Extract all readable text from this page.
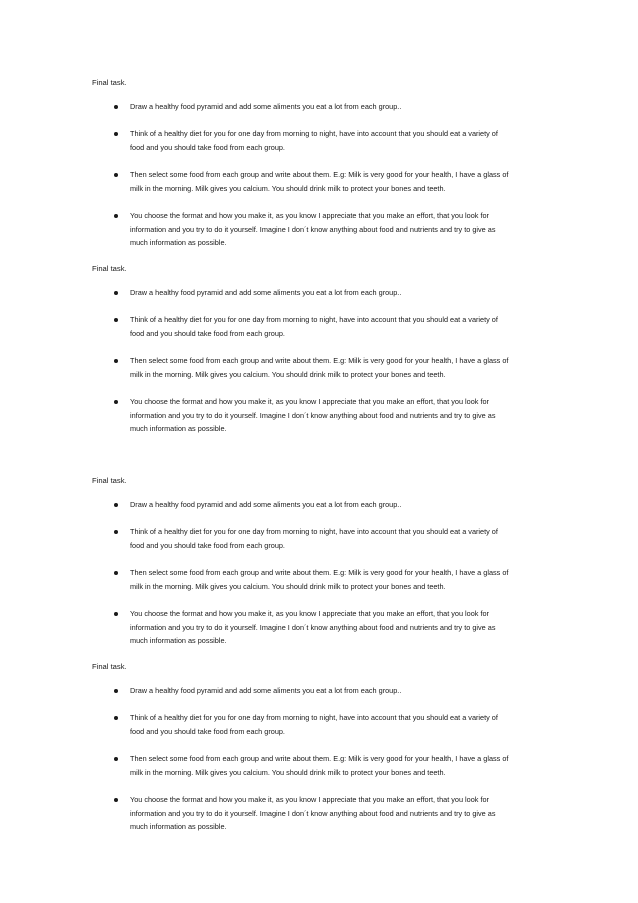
Final task.

Draw a healthy food pyramid and add some aliments you eat a lot from each group..
Think of a healthy diet for you for one day from morning to night, have into account that you should eat a variety of
food and you should take food from each group.
Then select some food from each group and write about them. E.g: Milk is very good for your health, I have a glass of
milk in the morning. Milk gives you calcium. You should drink milk to protect your bones and teeth.
You choose the format and how you make it, as you know I appreciate that you make an effort, that you look for
information and you try to do it yourself. Imagine I don´t know anything about food and nutrients and try to give as
much information as possible.

Final task.

Draw a healthy food pyramid and add some aliments you eat a lot from each group..
Think of a healthy diet for you for one day from morning to night, have into account that you should eat a variety of
food and you should take food from each group.
Then select some food from each group and write about them. E.g: Milk is very good for your health, I have a glass of
milk in the morning. Milk gives you calcium. You should drink milk to protect your bones and teeth.
You choose the format and how you make it, as you know I appreciate that you make an effort, that you look for
information and you try to do it yourself. Imagine I don´t know anything about food and nutrients and try to give as
much information as possible.

Final task.

Draw a healthy food pyramid and add some aliments you eat a lot from each group..
Think of a healthy diet for you for one day from morning to night, have into account that you should eat a variety of
food and you should take food from each group.
Then select some food from each group and write about them. E.g: Milk is very good for your health, I have a glass of
milk in the morning. Milk gives you calcium. You should drink milk to protect your bones and teeth.
You choose the format and how you make it, as you know I appreciate that you make an effort, that you look for
information and you try to do it yourself. Imagine I don´t know anything about food and nutrients and try to give as
much information as possible.

Final task.

Draw a healthy food pyramid and add some aliments you eat a lot from each group..
Think of a healthy diet for you for one day from morning to night, have into account that you should eat a variety of
food and you should take food from each group.
Then select some food from each group and write about them. E.g: Milk is very good for your health, I have a glass of
milk in the morning. Milk gives you calcium. You should drink milk to protect your bones and teeth.
You choose the format and how you make it, as you know I appreciate that you make an effort, that you look for
information and you try to do it yourself. Imagine I don´t know anything about food and nutrients and try to give as
much information as possible.
